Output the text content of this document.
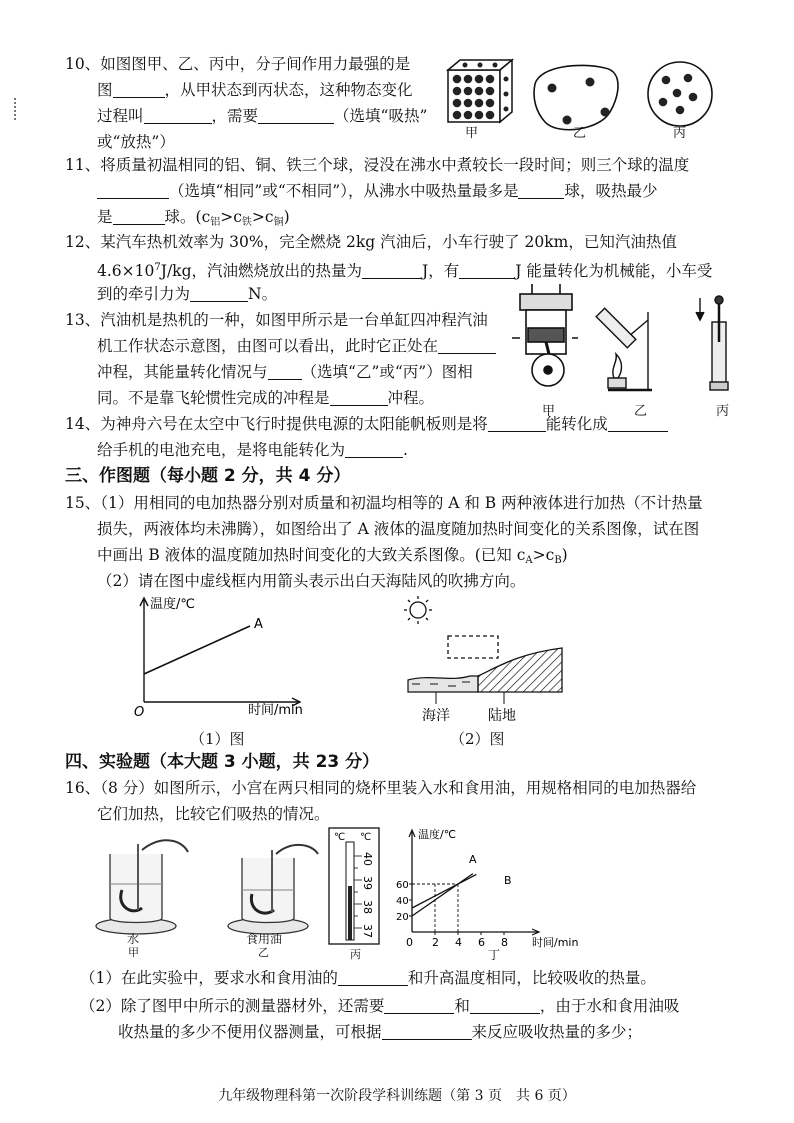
10、如图图甲、乙、丙中，分子间作用力最强的是
图	，从甲状态到丙状态，这种物态变化
过程叫	，需要	（选填“吸热”
或“放热”）	甲	乙	丙
11、将质量初温相同的铝、铜、铁三个球，浸没在沸水中煮较长一段时间；则三个球的温度
（选填“相同”或“不相同”），从沸水中吸热量最多是	球，吸热最少
是	球。$(c_铝>c_铁>c_铜)$
12、某汽车热机效率为 30%，完全燃烧 2kg 汽油后，小车行驶了 20km，已知汽油热值
$4.6\times 10^7J/kg$，汽油燃烧放出的热量为	J，有	J 能量转化为机械能，小车受
到的牵引力为	N。
13、汽油机是热机的一种，如图甲所示是一台单缸四冲程汽油
机工作状态示意图，由图可以看出，此时它正处在
冲程，其能量转化情况与 （选填“乙”或“丙”）图相
同。不是靠飞轮惯性完成的冲程是	冲程。
甲	乙	丙
14、为神舟六号在太空中飞行时提供电源的太阳能帆板则是将	能转化成
给手机的电池充电，是将电能转化为	.
三、作图题（每小题 2 分，共 4 分）
15、（1）用相同的电加热器分别对质量和初温均相等的 A 和 B 两种液体进行加热（不计热量
损失，两液体均未沸腾），如图给出了 A 液体的温度随加热时间变化的关系图像，试在图
中画出 B 液体的温度随加热时间变化的大致关系图像。(已知 $c_A>c_B$)
（2）请在图中虚线框内用箭头表示出白天海陆风的吹拂方向。
温度/℃
时间/min
O
A
（1）图
海洋	陆地
（2）图
四、实验题（本大题 3 小题，共 23 分）
16、（8 分）如图所示，小宫在两只相同的烧杯里装入水和食用油，用规格相同的电加热器给
它们加热，比较它们吸热的情况。
水
甲
食用油
乙
℃ ℃
40
39
38
37
丙
2 4 6 8
20
40
60
温度/℃
时间/min
0
A
B
丁
（1）在此实验中，要求水和食用油的	和升高温度相同，比较吸收的热量。
（2）除了图甲中所示的测量器材外，还需要	和	，由于水和食用油吸
收热量的多少不便用仪器测量，可根据	来反应吸收热量的多少；
九年级物理科第一次阶段学科训练题（第 3 页　共 6 页）
